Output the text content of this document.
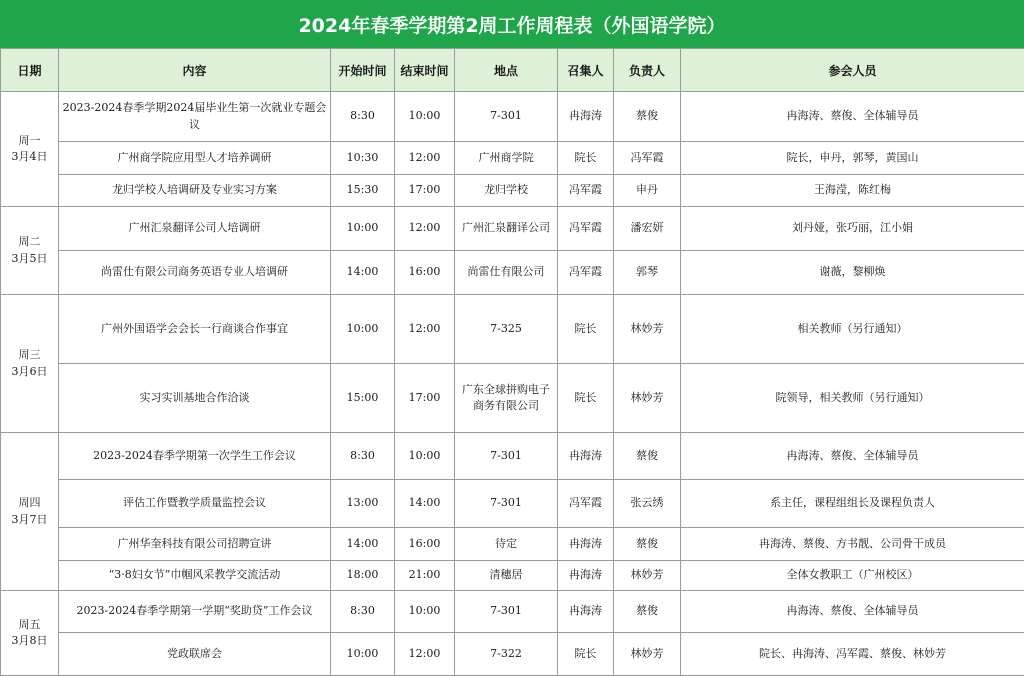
2024年春季学期第2周工作周程表（外国语学院）
日期	内容	开始时间	结束时间	地点	召集人	负责人	参会人员

周一
3月4日	2023-2024春季学期2024届毕业生第一次就业专题会议	8:30	10:00	7-301	冉海涛	蔡俊	冉海涛、蔡俊、全体辅导员
	广州商学院应用型人才培养调研	10:30	12:00	广州商学院	院长	冯军霞	院长，申丹，郭琴，黄国山
	龙归学校人培调研及专业实习方案	15:30	17:00	龙归学校	冯军霞	申丹	王海滢，陈红梅

周二
3月5日	广州汇泉翻译公司人培调研	10:00	12:00	广州汇泉翻译公司	冯军霞	潘宏妍	刘丹娅，张巧丽，江小娟
	尚雷仕有限公司商务英语专业人培调研	14:00	16:00	尚雷仕有限公司	冯军霞	郭琴	谢薇，黎柳焕

周三
3月6日	广州外国语学会会长一行商谈合作事宜	10:00	12:00	7-325	院长	林妙芳	相关教师（另行通知）
	实习实训基地合作洽谈	15:00	17:00	广东全球拼购电子商务有限公司	院长	林妙芳	院领导，相关教师（另行通知）

周四
3月7日	2023-2024春季学期第一次学生工作会议	8:30	10:00	7-301	冉海涛	蔡俊	冉海涛、蔡俊、全体辅导员
	评估工作暨教学质量监控会议	13:00	14:00	7-301	冯军霞	张云绣	系主任，课程组组长及课程负责人
	广州华奎科技有限公司招聘宣讲	14:00	16:00	待定	冉海涛	蔡俊	冉海涛、蔡俊、方书靓、公司骨干成员
	“3·8妇女节”巾帼风采教学交流活动	18:00	21:00	清穗居	冉海涛	林妙芳	全体女教职工（广州校区）

周五
3月8日	2023-2024春季学期第一学期“奖助贷”工作会议	8:30	10:00	7-301	冉海涛	蔡俊	冉海涛、蔡俊、全体辅导员
	党政联席会	10:00	12:00	7-322	院长	林妙芳	院长、冉海涛、冯军霞、蔡俊、林妙芳
